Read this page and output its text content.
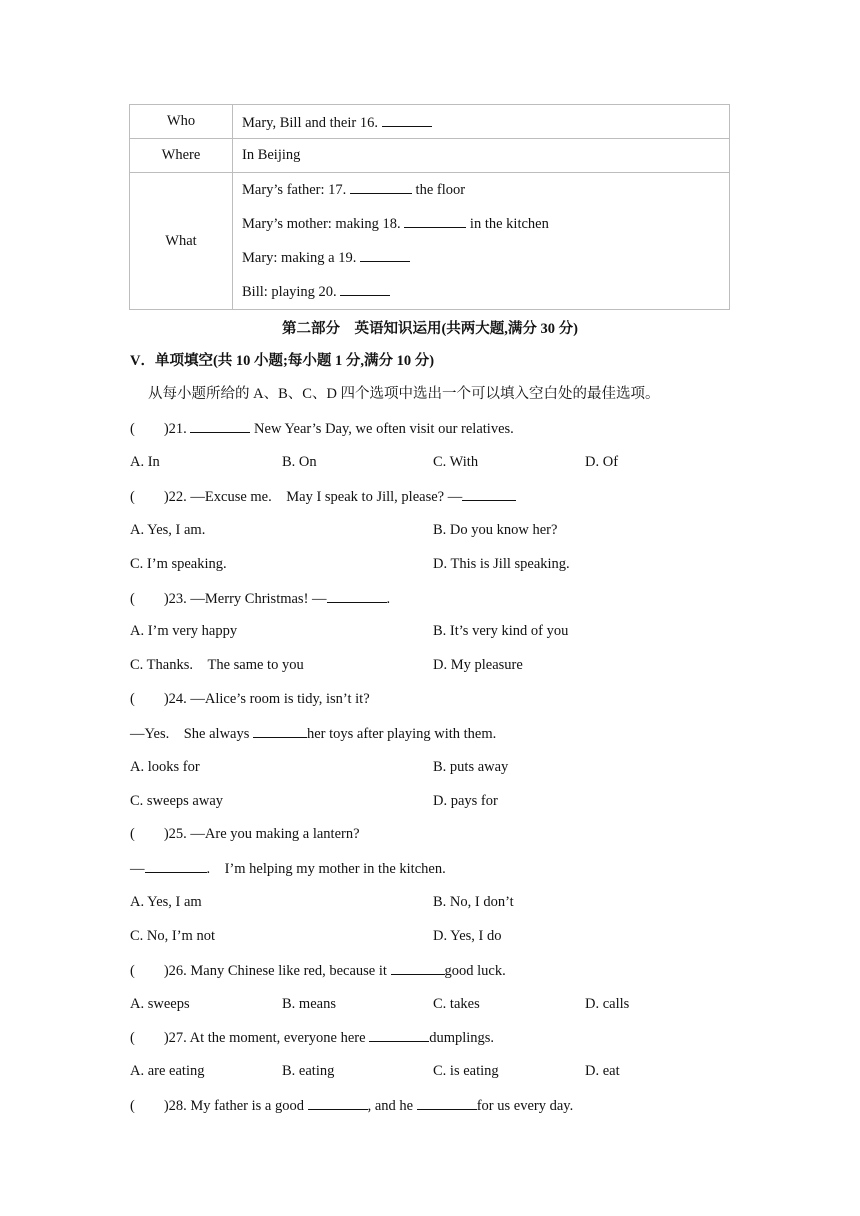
Who	Mary, Bill and their 16.
Where	In Beijing
What	Mary’s father: 17. the floor
Mary’s mother: making 18. in the kitchen
Mary: making a 19.
Bill: playing 20.
第二部分　英语知识运用(共两大题,满分 30 分)
V．单项填空(共 10 小题;每小题 1 分,满分 10 分)
从每小题所给的 A、B、C、D 四个选项中选出一个可以填入空白处的最佳选项。
(　　)21.	New Year’s Day, we often visit our relatives.
A. In	B. On	C. With	D. Of
(　　)22. —Excuse me.　May I speak to Jill, please? —
A. Yes, I am.	B. Do you know her?
C. I’m speaking.	D. This is Jill speaking.
(　　)23. —Merry Christmas! —	.
A. I’m very happy	B. It’s very kind of you
C. Thanks.　The same to you	D. My pleasure
(　　)24. —Alice’s room is tidy, isn’t it?
—Yes.　She always	her toys after playing with them.
A. looks for	B. puts away
C. sweeps away	D. pays for
(　　)25. —Are you making a lantern?
—	.　I’m helping my mother in the kitchen.
A. Yes, I am	B. No, I don’t
C. No, I’m not	D. Yes, I do
(　　)26. Many Chinese like red, because it	good luck.
A. sweeps	B. means	C. takes	D. calls
(　　)27. At the moment, everyone here	dumplings.
A. are eating	B. eating	C. is eating	D. eat
(　　)28. My father is a good	, and he	for us every day.
